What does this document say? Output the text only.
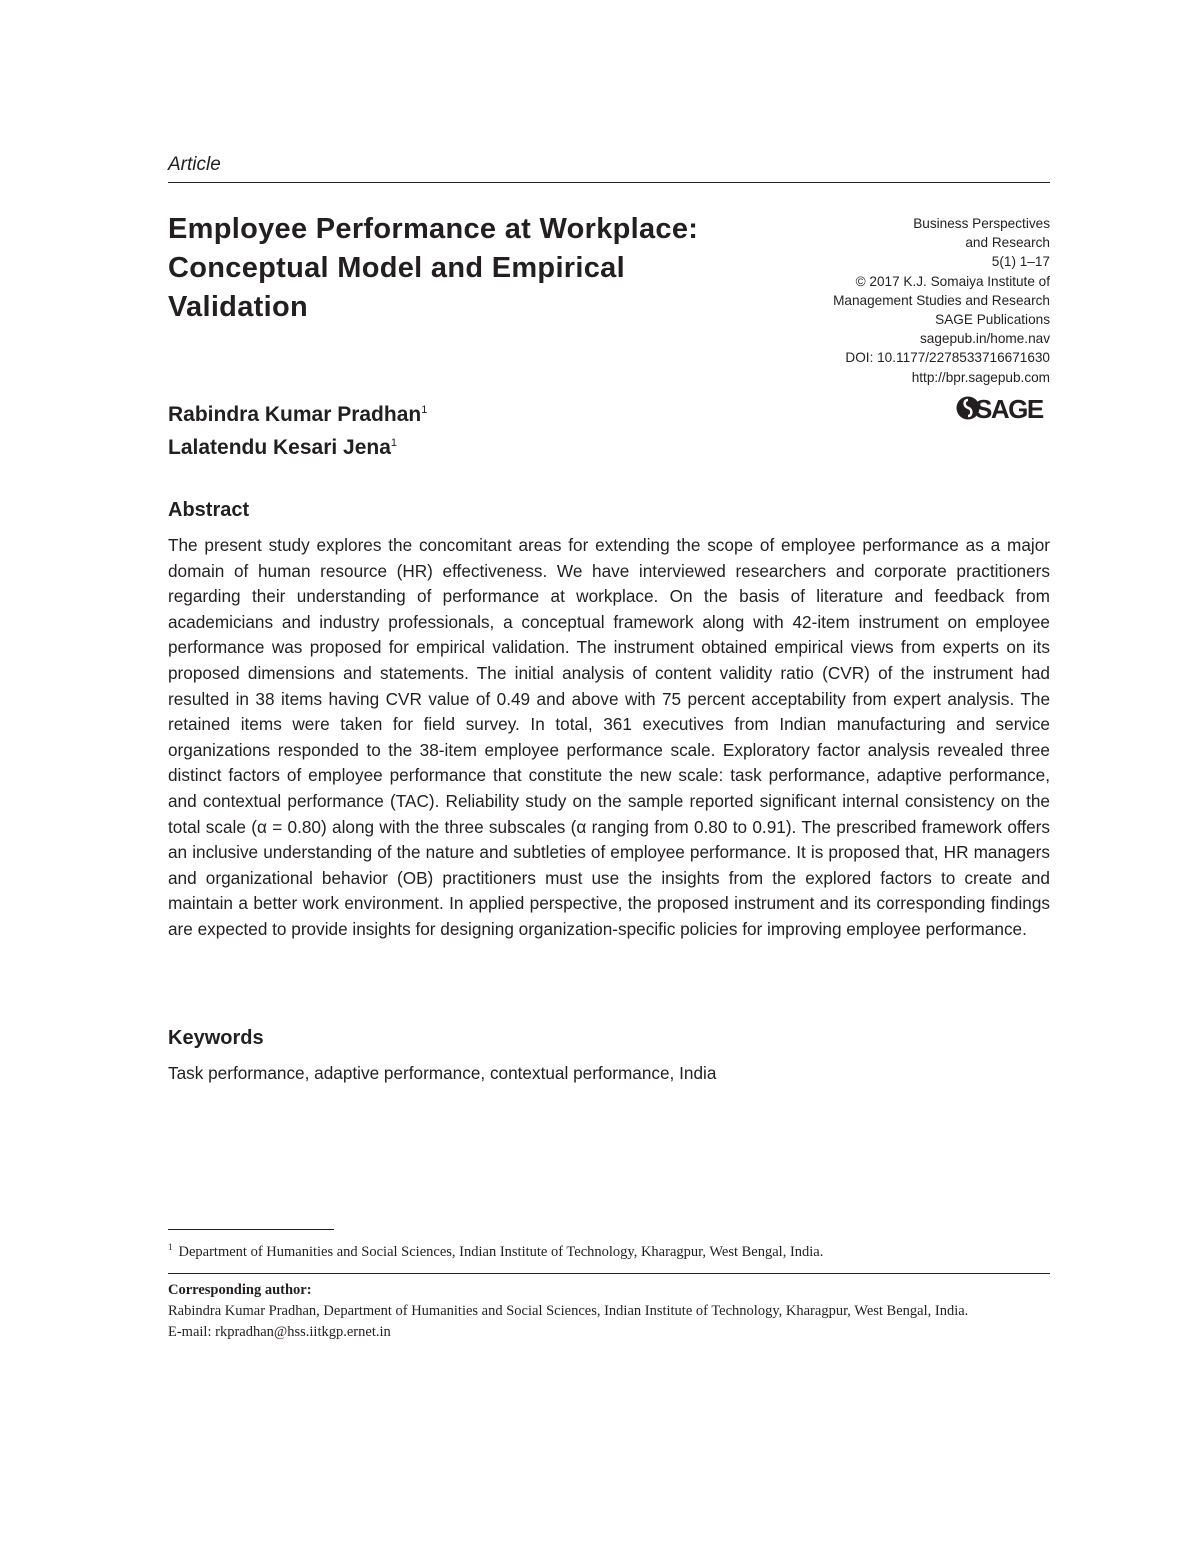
Article
Employee Performance at Workplace:
Conceptual Model and Empirical
Validation
Business Perspectives
and Research
5(1) 1–17
© 2017 K.J. Somaiya Institute of
Management Studies and Research
SAGE Publications
sagepub.in/home.nav
DOI: 10.1177/2278533716671630
http://bpr.sagepub.com
SAGE
Rabindra Kumar Pradhan$^1$
Lalatendu Kesari Jena$^1$
Abstract
The present study explores the concomitant areas for extending the scope of employee performance as a major domain of human resource (HR) effectiveness. We have interviewed researchers and corporate practitioners regarding their understanding of performance at workplace. On the basis of literature and feedback from academicians and industry professionals, a conceptual framework along with 42-item instrument on employee performance was proposed for empirical validation. The instrument obtained empirical views from experts on its proposed dimensions and statements. The initial analysis of content validity ratio (CVR) of the instrument had resulted in 38 items having CVR value of 0.49 and above with 75 percent acceptability from expert analysis. The retained items were taken for field survey. In total, 361 executives from Indian manufacturing and service organizations responded to the 38-item employee performance scale. Exploratory factor analysis revealed three distinct factors of employee performance that constitute the new scale: task performance, adaptive performance, and contextual performance (TAC). Reliability study on the sample reported significant internal consistency on the total scale (α = 0.80) along with the three subscales (α ranging from 0.80 to 0.91). The prescribed framework offers an inclusive understanding of the nature and subtleties of employee performance. It is proposed that, HR managers and organizational behavior (OB) practitioners must use the insights from the explored factors to create and maintain a better work environment. In applied perspective, the proposed instrument and its corresponding findings are expected to provide insights for designing organization-specific policies for improving employee performance.
Keywords
Task performance, adaptive performance, contextual performance, India
$^1$ Department of Humanities and Social Sciences, Indian Institute of Technology, Kharagpur, West Bengal, India.
Corresponding author:
Rabindra Kumar Pradhan, Department of Humanities and Social Sciences, Indian Institute of Technology, Kharagpur, West Bengal, India.
E-mail: rkpradhan@hss.iitkgp.ernet.in
